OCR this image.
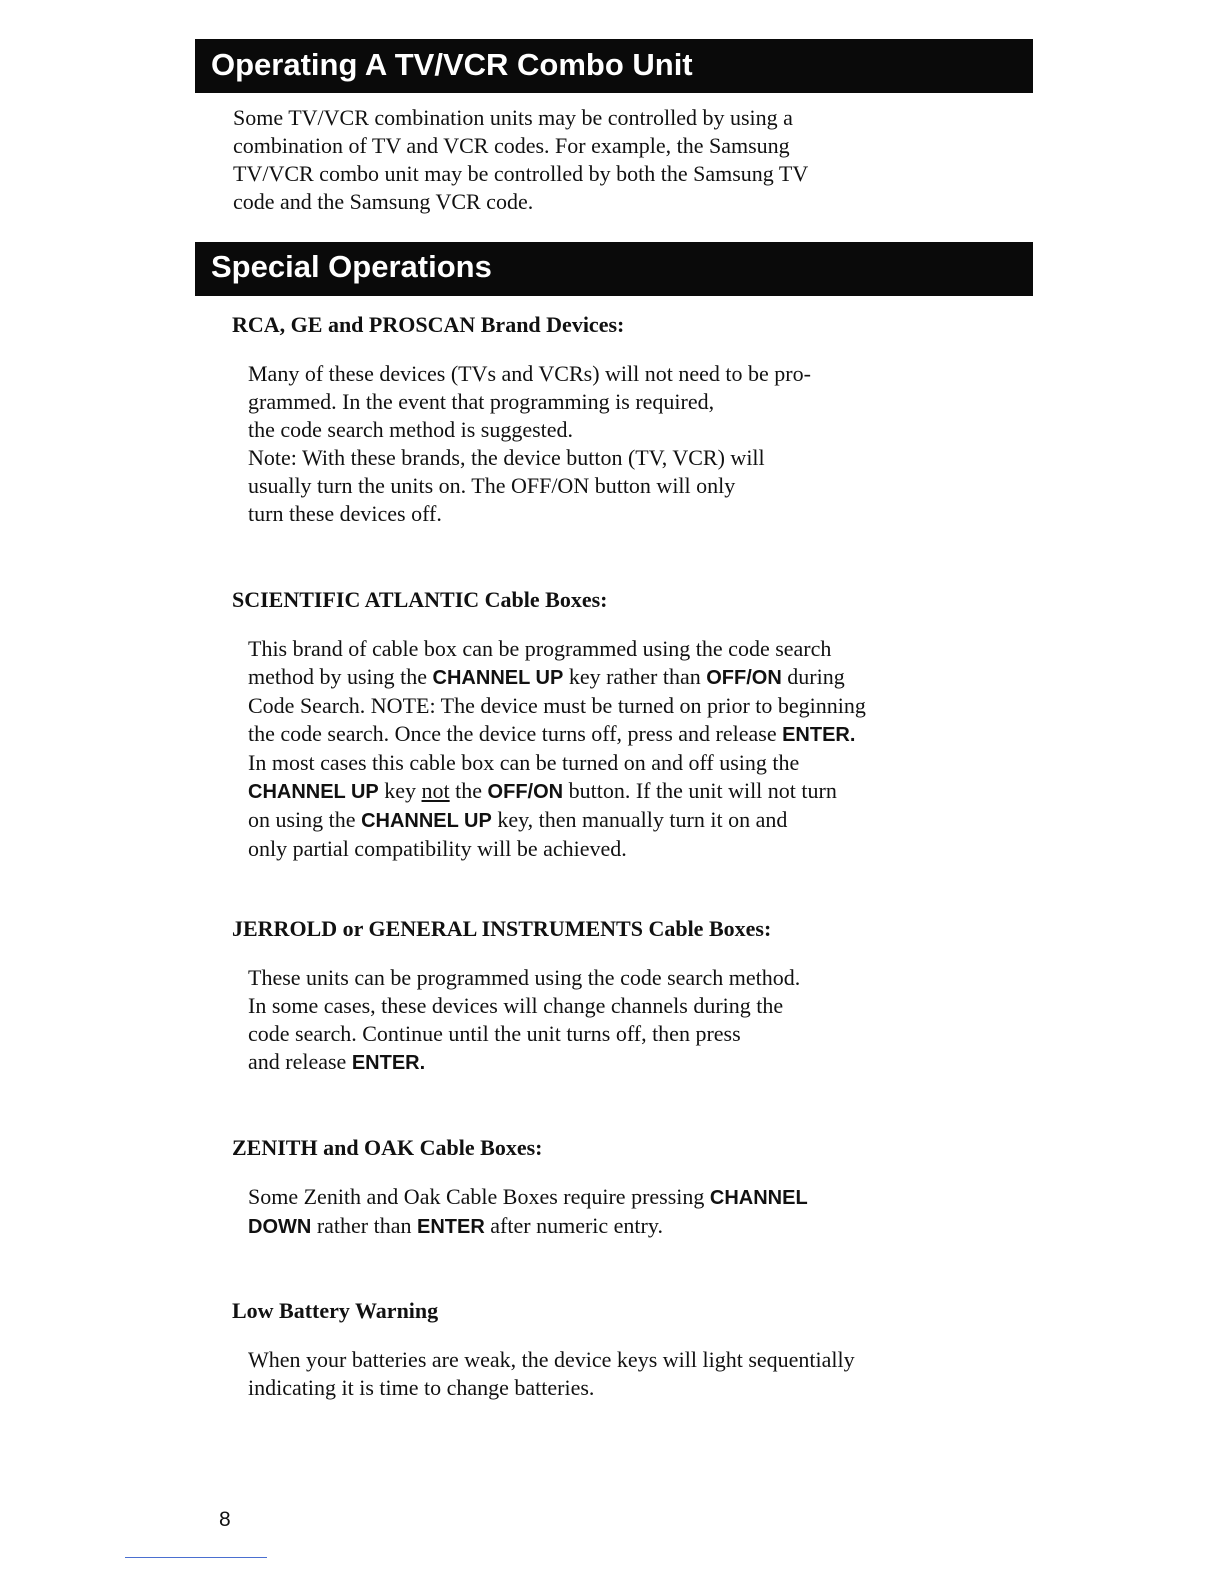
Operating A TV/VCR Combo Unit
Some TV/VCR combination units may be controlled by using a
combination of TV and VCR codes. For example, the Samsung
TV/VCR combo unit may be controlled by both the Samsung TV
code and the Samsung VCR code.
Special Operations
RCA, GE and PROSCAN Brand Devices:
Many of these devices (TVs and VCRs) will not need to be pro-
grammed. In the event that programming is required,
the code search method is suggested.
Note: With these brands, the device button (TV, VCR) will
usually turn the units on. The OFF/ON button will only
turn these devices off.
SCIENTIFIC ATLANTIC Cable Boxes:
This brand of cable box can be programmed using the code search
method by using the CHANNEL UP key rather than OFF/ON during
Code Search. NOTE: The device must be turned on prior to beginning
the code search. Once the device turns off, press and release ENTER.
In most cases this cable box can be turned on and off using the
CHANNEL UP key not the OFF/ON button. If the unit will not turn
on using the CHANNEL UP key, then manually turn it on and
only partial compatibility will be achieved.
JERROLD or GENERAL INSTRUMENTS Cable Boxes:
These units can be programmed using the code search method.
In some cases, these devices will change channels during the
code search. Continue until the unit turns off, then press
and release ENTER.
ZENITH and OAK Cable Boxes:
Some Zenith and Oak Cable Boxes require pressing CHANNEL
DOWN rather than ENTER after numeric entry.
Low Battery Warning
When your batteries are weak, the device keys will light sequentially
indicating it is time to change batteries.
8
